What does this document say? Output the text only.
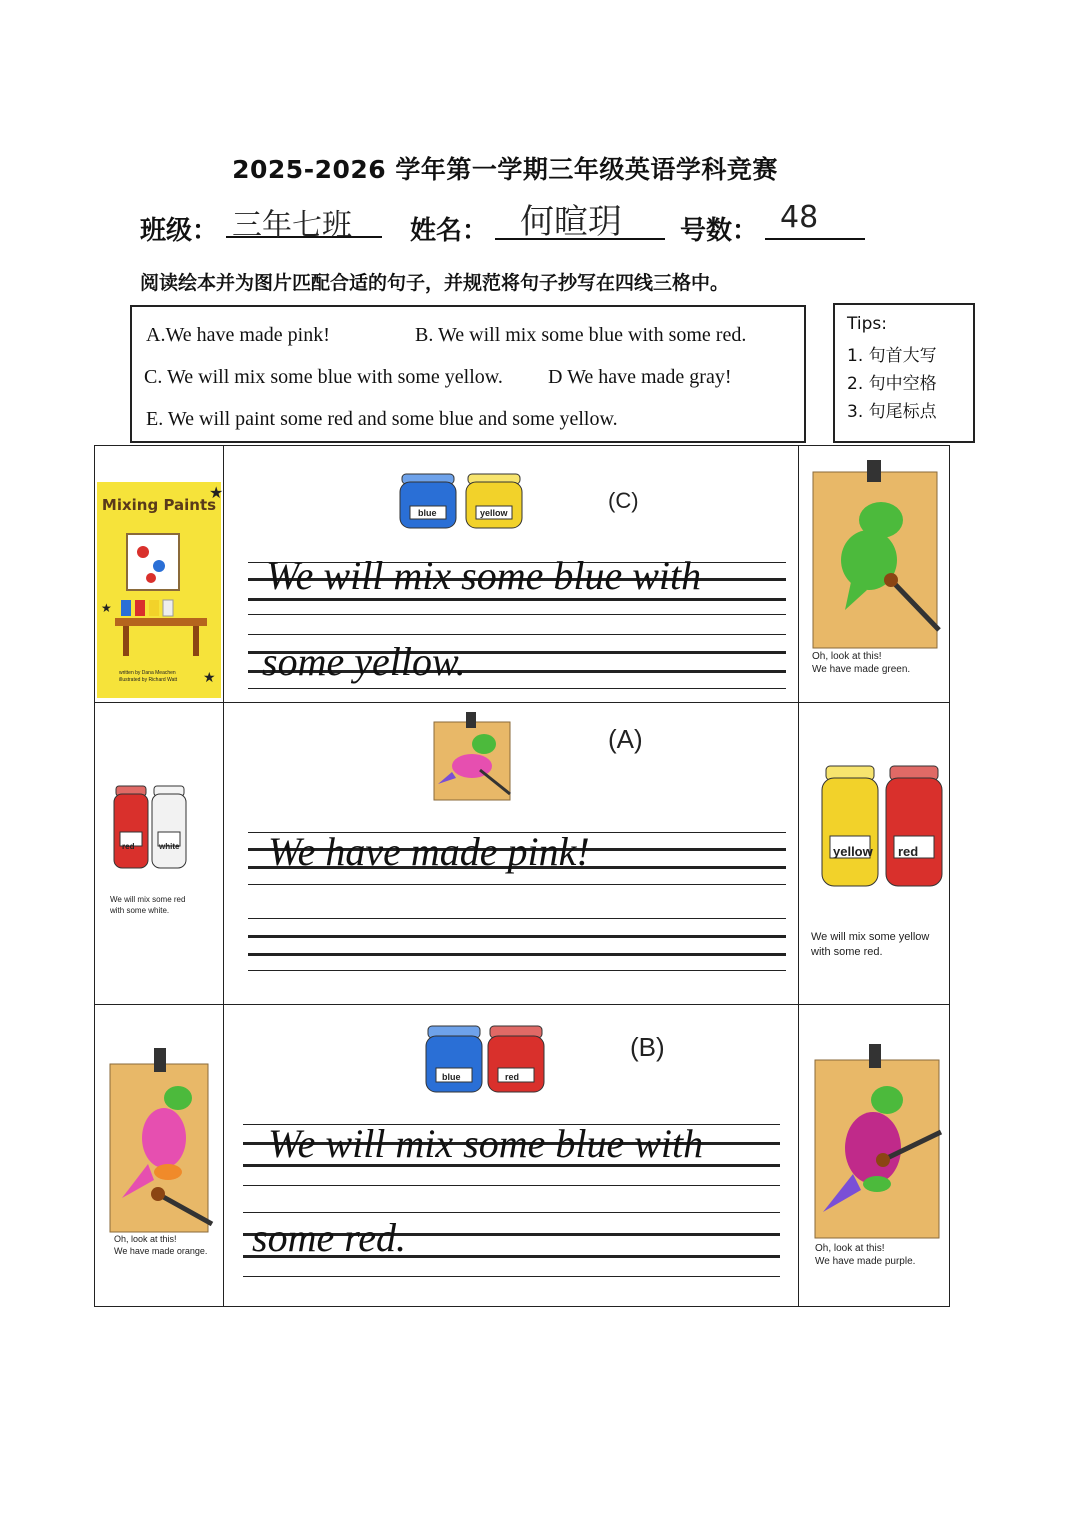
2025-2026 学年第一学期三年级英语学科竞赛
班级： 三年七班 姓名： 何暄玥 号数： 48
阅读绘本并为图片匹配合适的句子，并规范将句子抄写在四线三格中。
A.We have made pink!	B. We will mix some blue with some red.
C. We will mix some blue with some yellow. D We have made gray!
E. We will paint some red and some blue and some yellow.
Tips:
1. 句首大写
2. 句中空格
3. 句尾标点
Mixing Paints
★
★
★
written by Dana Meachen
illustrated by Richard Watt
blue	yellow	(C)
We will mix some blue with
some yellow.	Oh, look at this!
We have made green.
red	white
We will mix some red
with some white.
(A)
We have made pink!	yellow red
We will mix some yellow
with some red.
Oh, look at this!
We have made orange.
blue	red
(B)
We will mix some blue with
some red.	Oh, look at this!
We have made purple.
